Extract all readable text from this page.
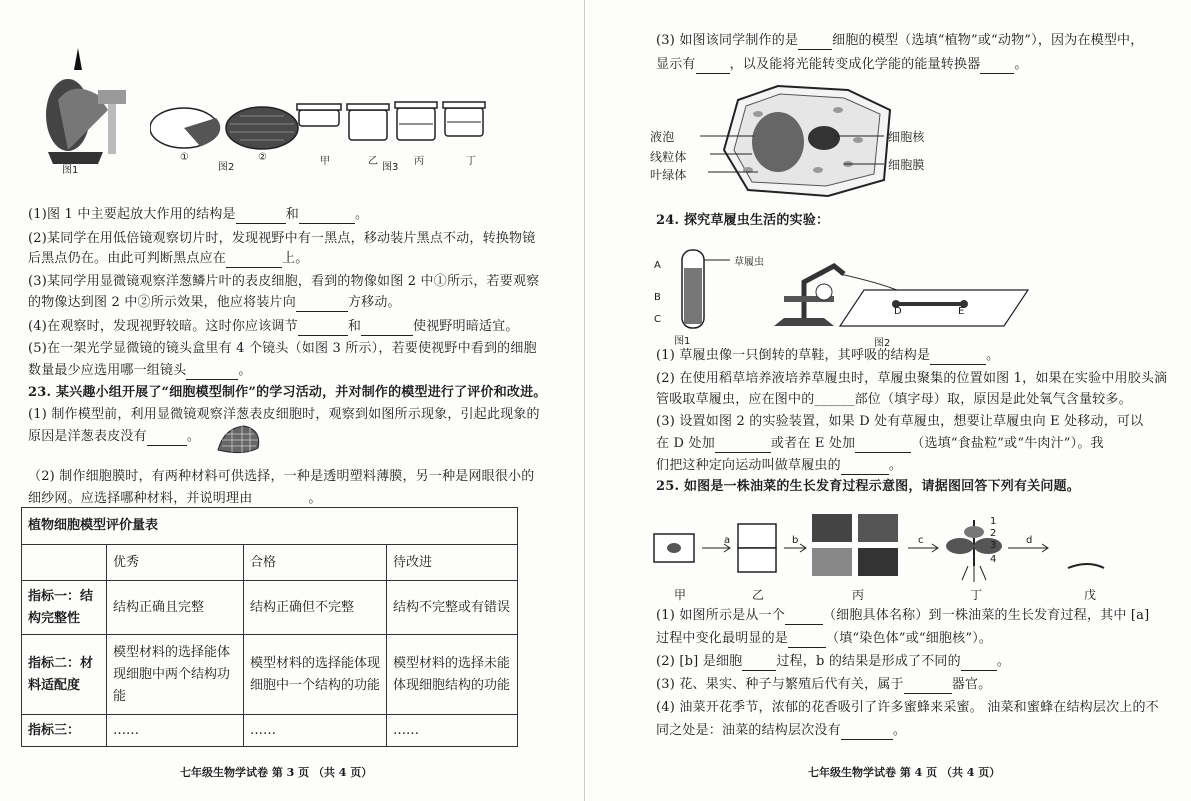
图1
①
图2
②	甲	乙
图3
丙	丁
(1)图 1 中主要起放大作用的结构是	和	。
(2)某同学在用低倍镜观察切片时，发现视野中有一黑点，移动装片黑点不动，转换物镜
后黑点仍在。由此可判断黑点应在	上。
(3)某同学用显微镜观察洋葱鳞片叶的表皮细胞，看到的物像如图 2 中①所示，若要观察
的物像达到图 2 中②所示效果，他应将装片向	方移动。
(4)在观察时，发现视野较暗。这时你应该调节	和	使视野明暗适宜。
(5)在一架光学显微镜的镜头盒里有 4 个镜头（如图 3 所示），若要使视野中看到的细胞
数量最少应选用哪一组镜头	。
23. 某兴趣小组开展了“细胞模型制作”的学习活动，并对制作的模型进行了评价和改进。
(1) 制作模型前，利用显微镜观察洋葱表皮细胞时，观察到如图所示现象，引起此现象的
原因是洋葱表皮没有	。
（2) 制作细胞膜时，有两种材料可供选择，一种是透明塑料薄膜，另一种是网眼很小的
细纱网。应选择哪种材料，并说明理由	。
植物细胞模型评价量表			
	优秀	合格	待改进
指标一：结构完整性	结构正确且完整	结构正确但不完整	结构不完整或有错误
指标二：材料适配度	模型材料的选择能体现细胞中两个结构功能	模型材料的选择能体现细胞中一个结构的功能	模型材料的选择未能体现细胞结构的功能
指标三：	……	……	……
七年级生物学试卷 第 3 页 （共 4 页）
(3) 如图该同学制作的是	细胞的模型（选填“植物”或“动物”），因为在模型中，
显示有	，以及能将光能转变成化学能的能量转换器	。
液泡
线粒体
叶绿体
细胞核
细胞膜
24. 探究草履虫生活的实验：
草履虫
A
B
C
图1
D	E
图2
(1) 草履虫像一只倒转的草鞋，其呼吸的结构是	。
(2) 在使用稻草培养液培养草履虫时，草履虫聚集的位置如图 1，如果在实验中用胶头滴
管吸取草履虫，应在图中的______部位（填字母）取，原因是此处氧气含量较多。
(3) 设置如图 2 的实验装置，如果 D 处有草履虫，想要让草履虫向 E 处移动，可以
在 D 处加	或者在 E 处加	（选填“食盐粒”或“牛肉汁”）。我
们把这种定向运动叫做草履虫的	。
25. 如图是一株油菜的生长发育过程示意图，请据图回答下列有关问题。
a	b	c	d
1
2
3
4
甲	乙	丙	丁	戊
(1) 如图所示是从一个	（细胞具体名称）到一株油菜的生长发育过程，其中 [a]
过程中变化最明显的是	（填“染色体”或“细胞核”）。
(2) [b] 是细胞	过程，b 的结果是形成了不同的	。
(3) 花、果实、种子与繁殖后代有关，属于	器官。
(4) 油菜开花季节，浓郁的花香吸引了许多蜜蜂来采蜜。 油菜和蜜蜂在结构层次上的不
同之处是：油菜的结构层次没有	。
七年级生物学试卷 第 4 页 （共 4 页）
